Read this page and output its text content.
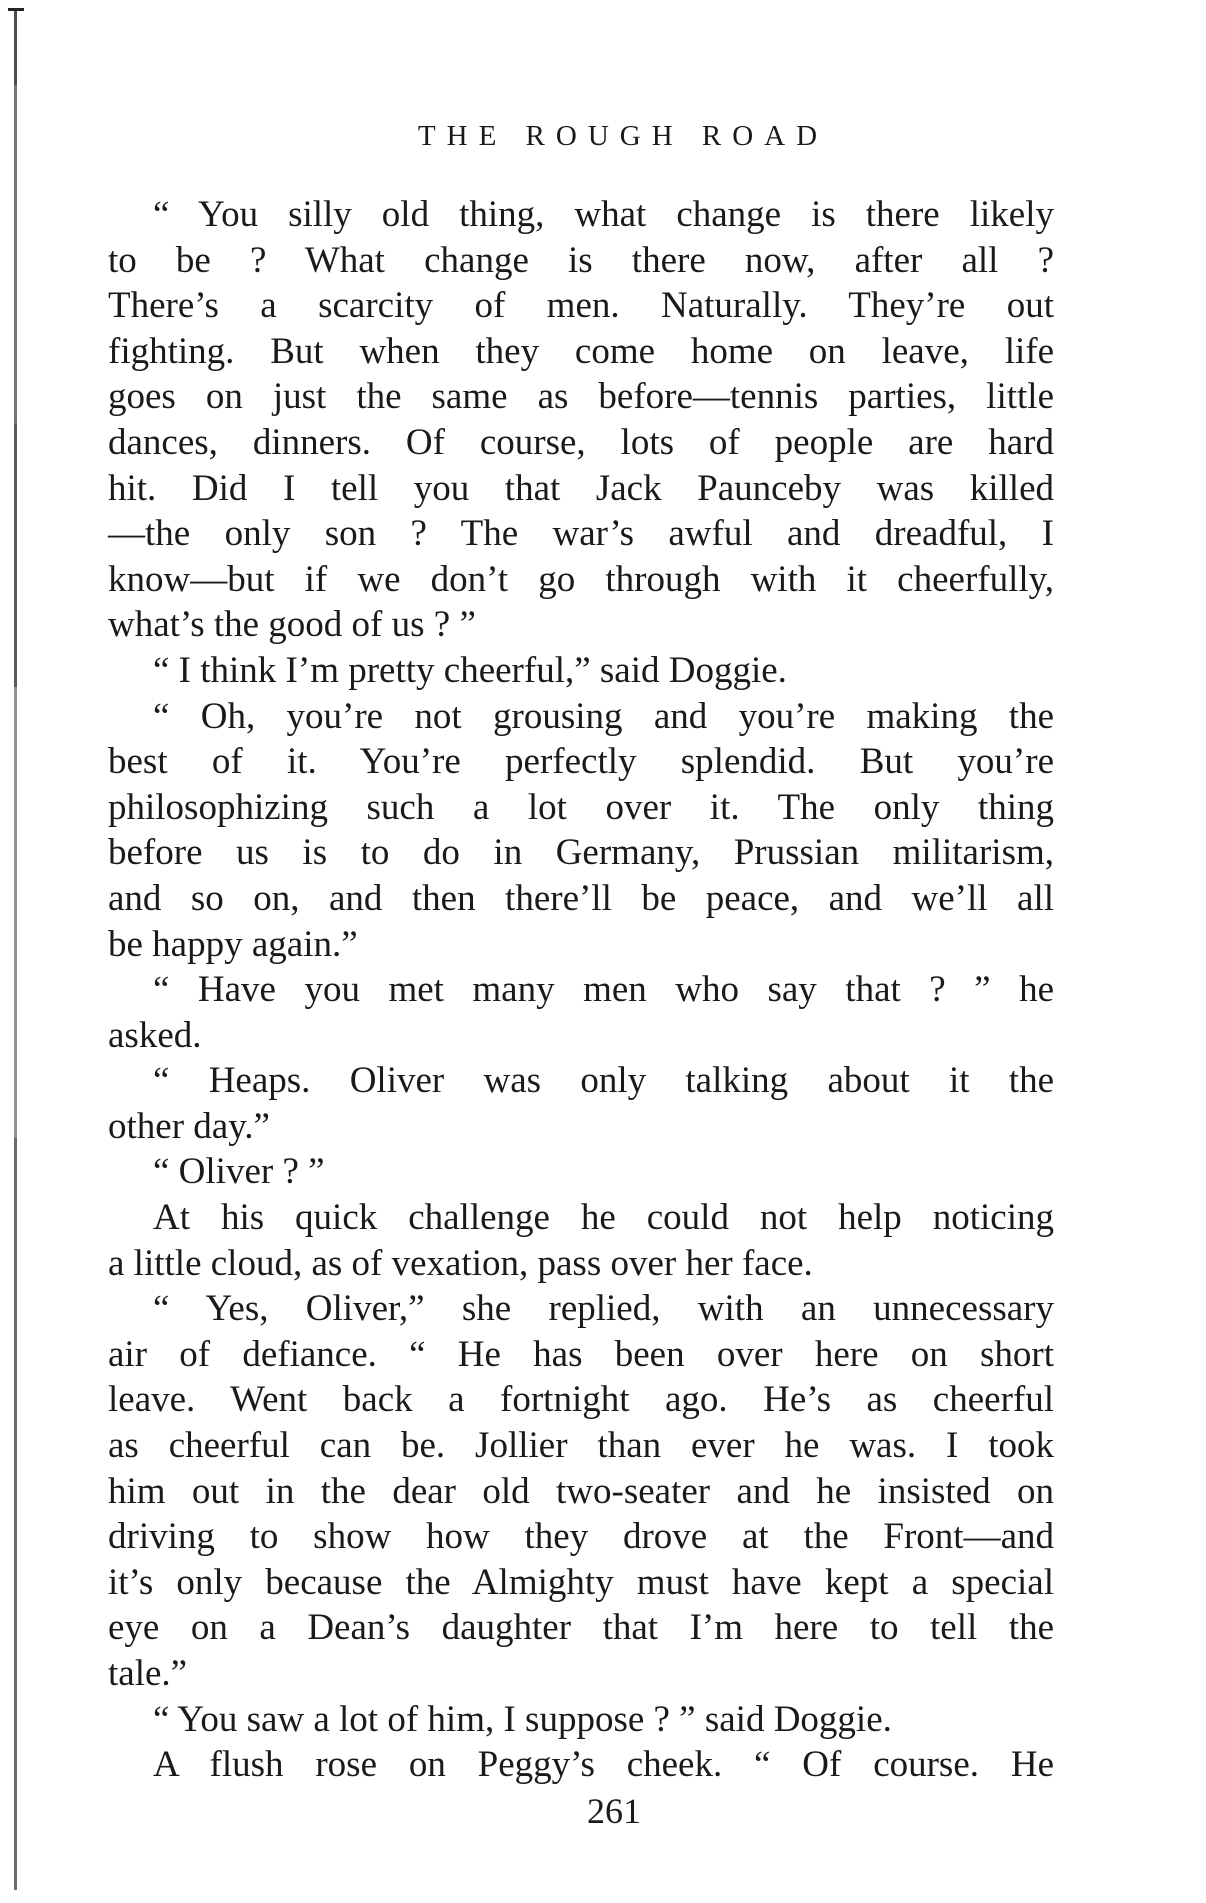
THE ROUGH ROAD
“ You silly old thing, what change is there likely
to be ? What change is there now, after all ?
There’s a scarcity of men. Naturally. They’re out
fighting. But when they come home on leave, life
goes on just the same as before—tennis parties, little
dances, dinners. Of course, lots of people are hard
hit. Did I tell you that Jack Paunceby was killed
—the only son ? The war’s awful and dreadful, I
know—but if we don’t go through with it cheerfully,
what’s the good of us ? ”
“ I think I’m pretty cheerful,” said Doggie.
“ Oh, you’re not grousing and you’re making the
best of it. You’re perfectly splendid. But you’re
philosophizing such a lot over it. The only thing
before us is to do in Germany, Prussian militarism,
and so on, and then there’ll be peace, and we’ll all
be happy again.”
“ Have you met many men who say that ? ” he
asked.
“ Heaps. Oliver was only talking about it the
other day.”
“ Oliver ? ”
At his quick challenge he could not help noticing
a little cloud, as of vexation, pass over her face.
“ Yes, Oliver,” she replied, with an unnecessary
air of defiance. “ He has been over here on short
leave. Went back a fortnight ago. He’s as cheerful
as cheerful can be. Jollier than ever he was. I took
him out in the dear old two-seater and he insisted on
driving to show how they drove at the Front—and
it’s only because the Almighty must have kept a special
eye on a Dean’s daughter that I’m here to tell the
tale.”
“ You saw a lot of him, I suppose ? ” said Doggie.
A flush rose on Peggy’s cheek. “ Of course. He
261
